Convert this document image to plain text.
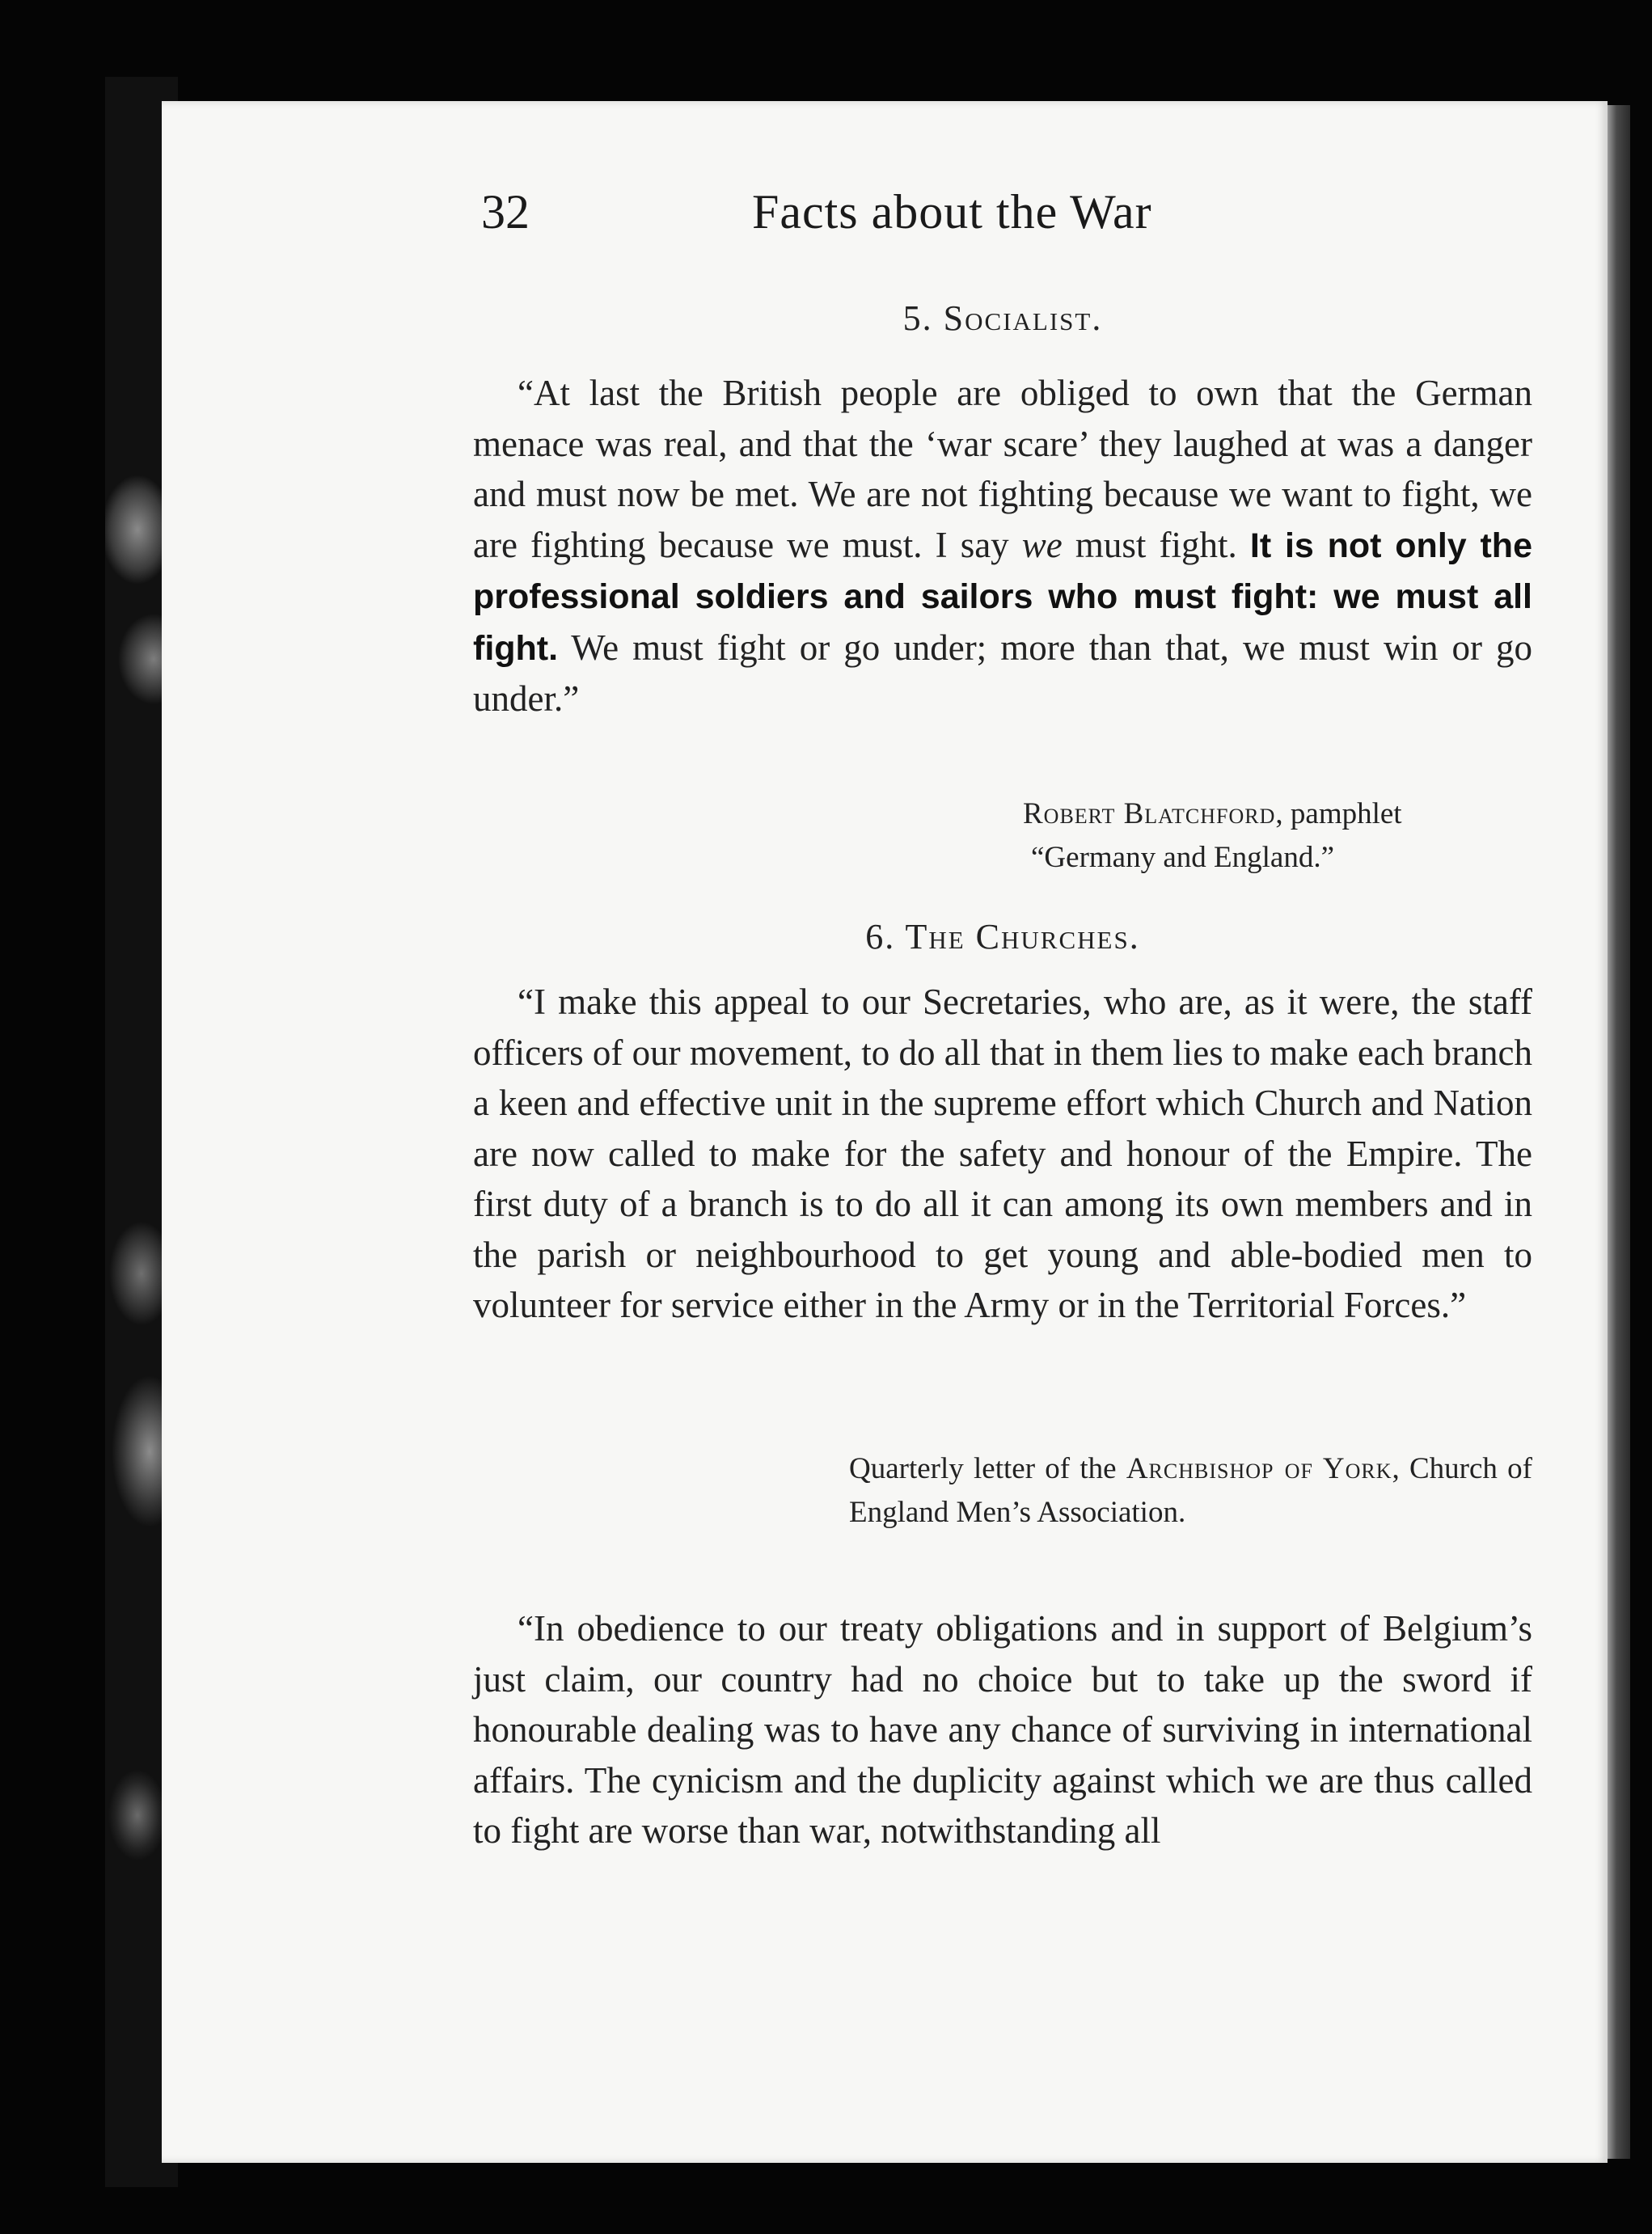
32	Facts about the War
5. Socialist.

“At last the British people are obliged to own that the German menace was real, and that the ‘war scare’ they laughed at was a danger and must now be met. We are not fighting because we want to fight, we are fighting because we must. I say we must fight. It is not only the professional soldiers and sailors who must fight: we must all fight. We must fight or go under; more than that, we must win or go under.”

Robert Blatchford, pamphlet
“Germany and England.”

6. The Churches.

“I make this appeal to our Secretaries, who are, as it were, the staff officers of our movement, to do all that in them lies to make each branch a keen and effective unit in the supreme effort which Church and Nation are now called to make for the safety and honour of the Empire. The first duty of a branch is to do all it can among its own members and in the parish or neighbourhood to get young and able-bodied men to volunteer for service either in the Army or in the Territorial Forces.”

Quarterly letter of the Archbishop of York, Church of England Men’s Association.

“In obedience to our treaty obligations and in support of Belgium’s just claim, our country had no choice but to take up the sword if honourable dealing was to have any chance of surviving in international affairs. The cynicism and the duplicity against which we are thus called to fight are worse than war, notwithstanding all
